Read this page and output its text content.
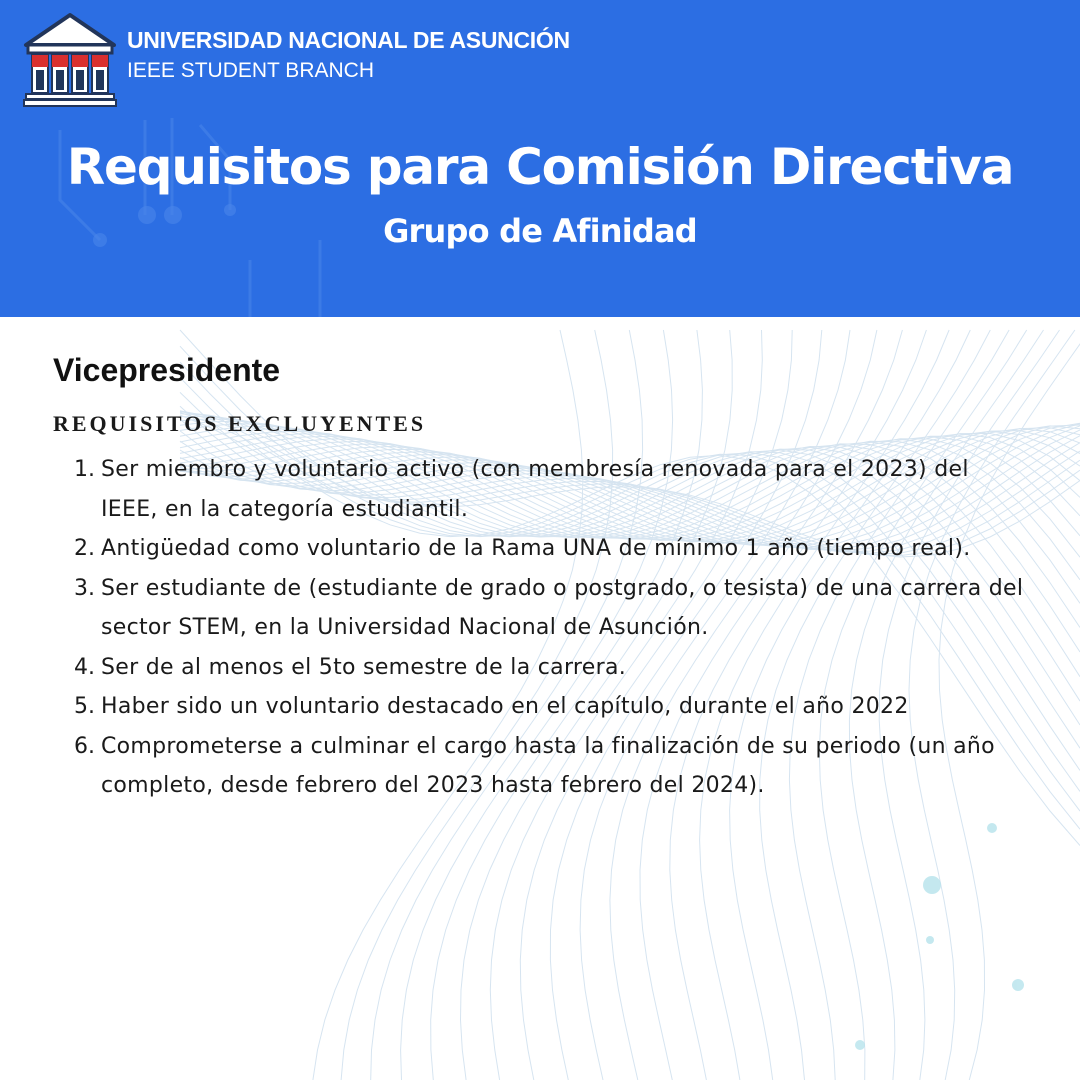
UNIVERSIDAD NACIONAL DE ASUNCIÓN
IEEE STUDENT BRANCH
Requisitos para Comisión Directiva
Grupo de Afinidad
Vicepresidente
REQUISITOS EXCLUYENTES
1. Ser miembro y voluntario activo (con membresía renovada para el 2023) del IEEE, en la categoría estudiantil.
2. Antigüedad como voluntario de la Rama UNA de mínimo 1 año (tiempo real).
3. Ser estudiante de (estudiante de grado o postgrado, o tesista) de una carrera del sector STEM, en la Universidad Nacional de Asunción.
4. Ser de al menos el 5to semestre de la carrera.
5. Haber sido un voluntario destacado en el capítulo, durante el año 2022
6. Comprometerse a culminar el cargo hasta la finalización de su periodo (un año completo, desde febrero del 2023 hasta febrero del 2024).
